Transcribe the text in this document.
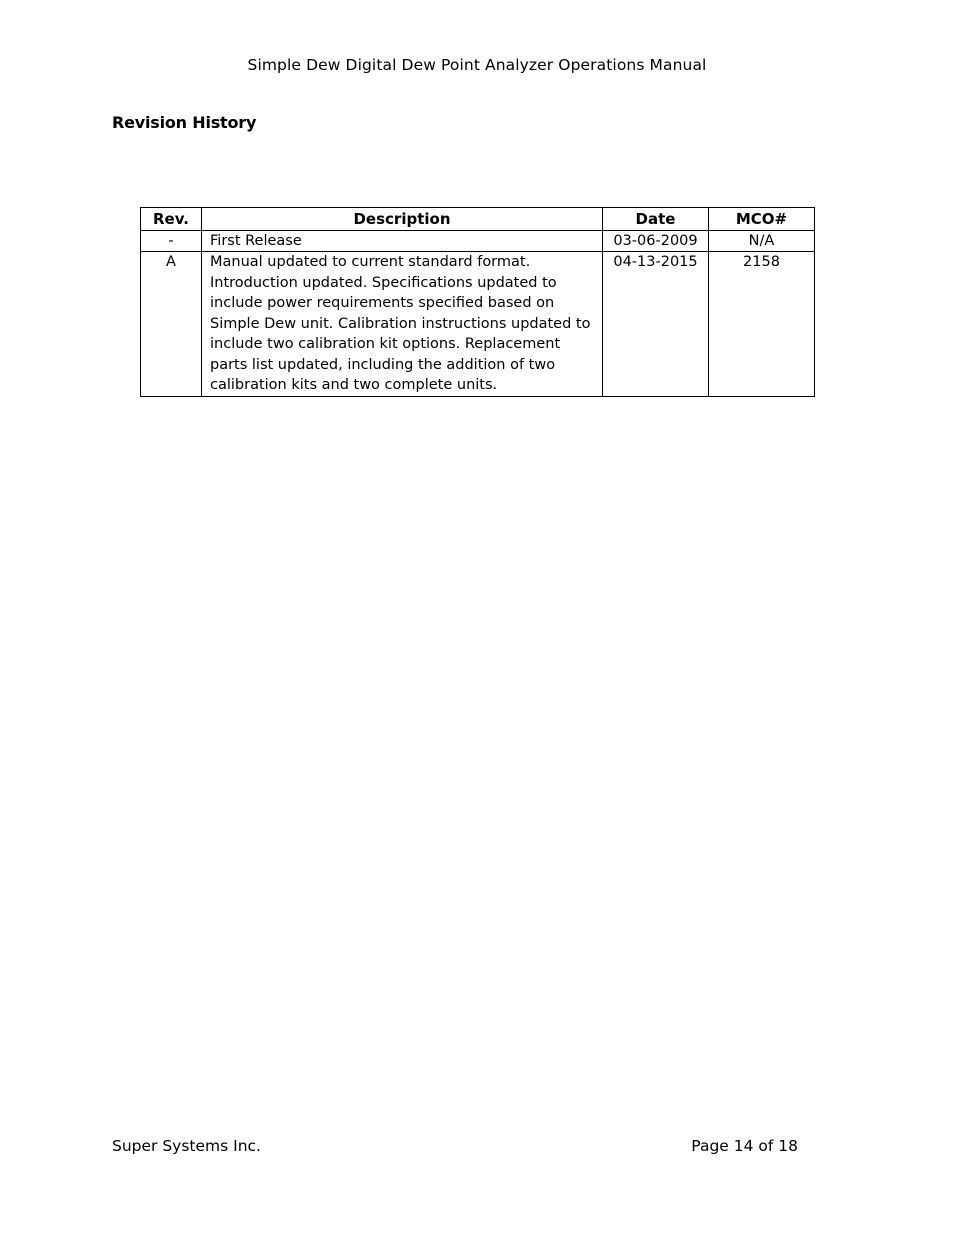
Simple Dew Digital Dew Point Analyzer Operations Manual
Revision History
Rev.	Description	Date	MCO#
-	First Release	03-06-2009	N/A
A	Manual updated to current standard format. Introduction updated. Specifications updated to include power requirements specified based on Simple Dew unit. Calibration instructions updated to include two calibration kit options. Replacement parts list updated, including the addition of two calibration kits and two complete units.	04-13-2015	2158
Super Systems Inc.	Page 14 of 18
